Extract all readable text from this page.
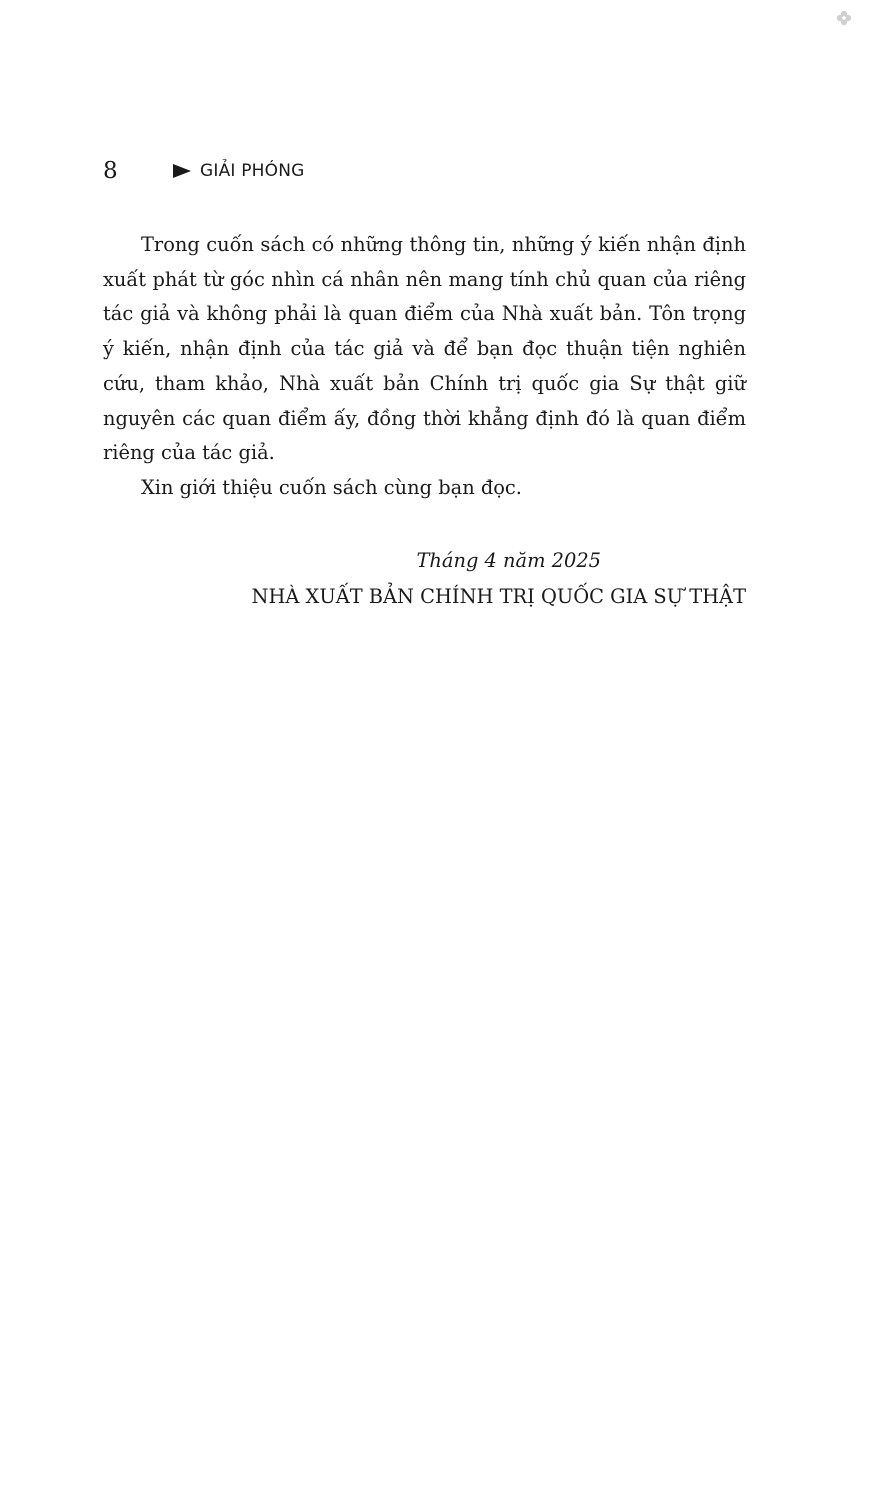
8	GIẢI PHÓNG

Trong cuốn sách có những thông tin, những ý kiến nhận định xuất phát từ góc nhìn cá nhân nên mang tính chủ quan của riêng tác giả và không phải là quan điểm của Nhà xuất bản. Tôn trọng ý kiến, nhận định của tác giả và để bạn đọc thuận tiện nghiên cứu, tham khảo, Nhà xuất bản Chính trị quốc gia Sự thật giữ nguyên các quan điểm ấy, đồng thời khẳng định đó là quan điểm riêng của tác giả.

Xin giới thiệu cuốn sách cùng bạn đọc.

Tháng 4 năm 2025
NHÀ XUẤT BẢN CHÍNH TRỊ QUỐC GIA SỰ THẬT
